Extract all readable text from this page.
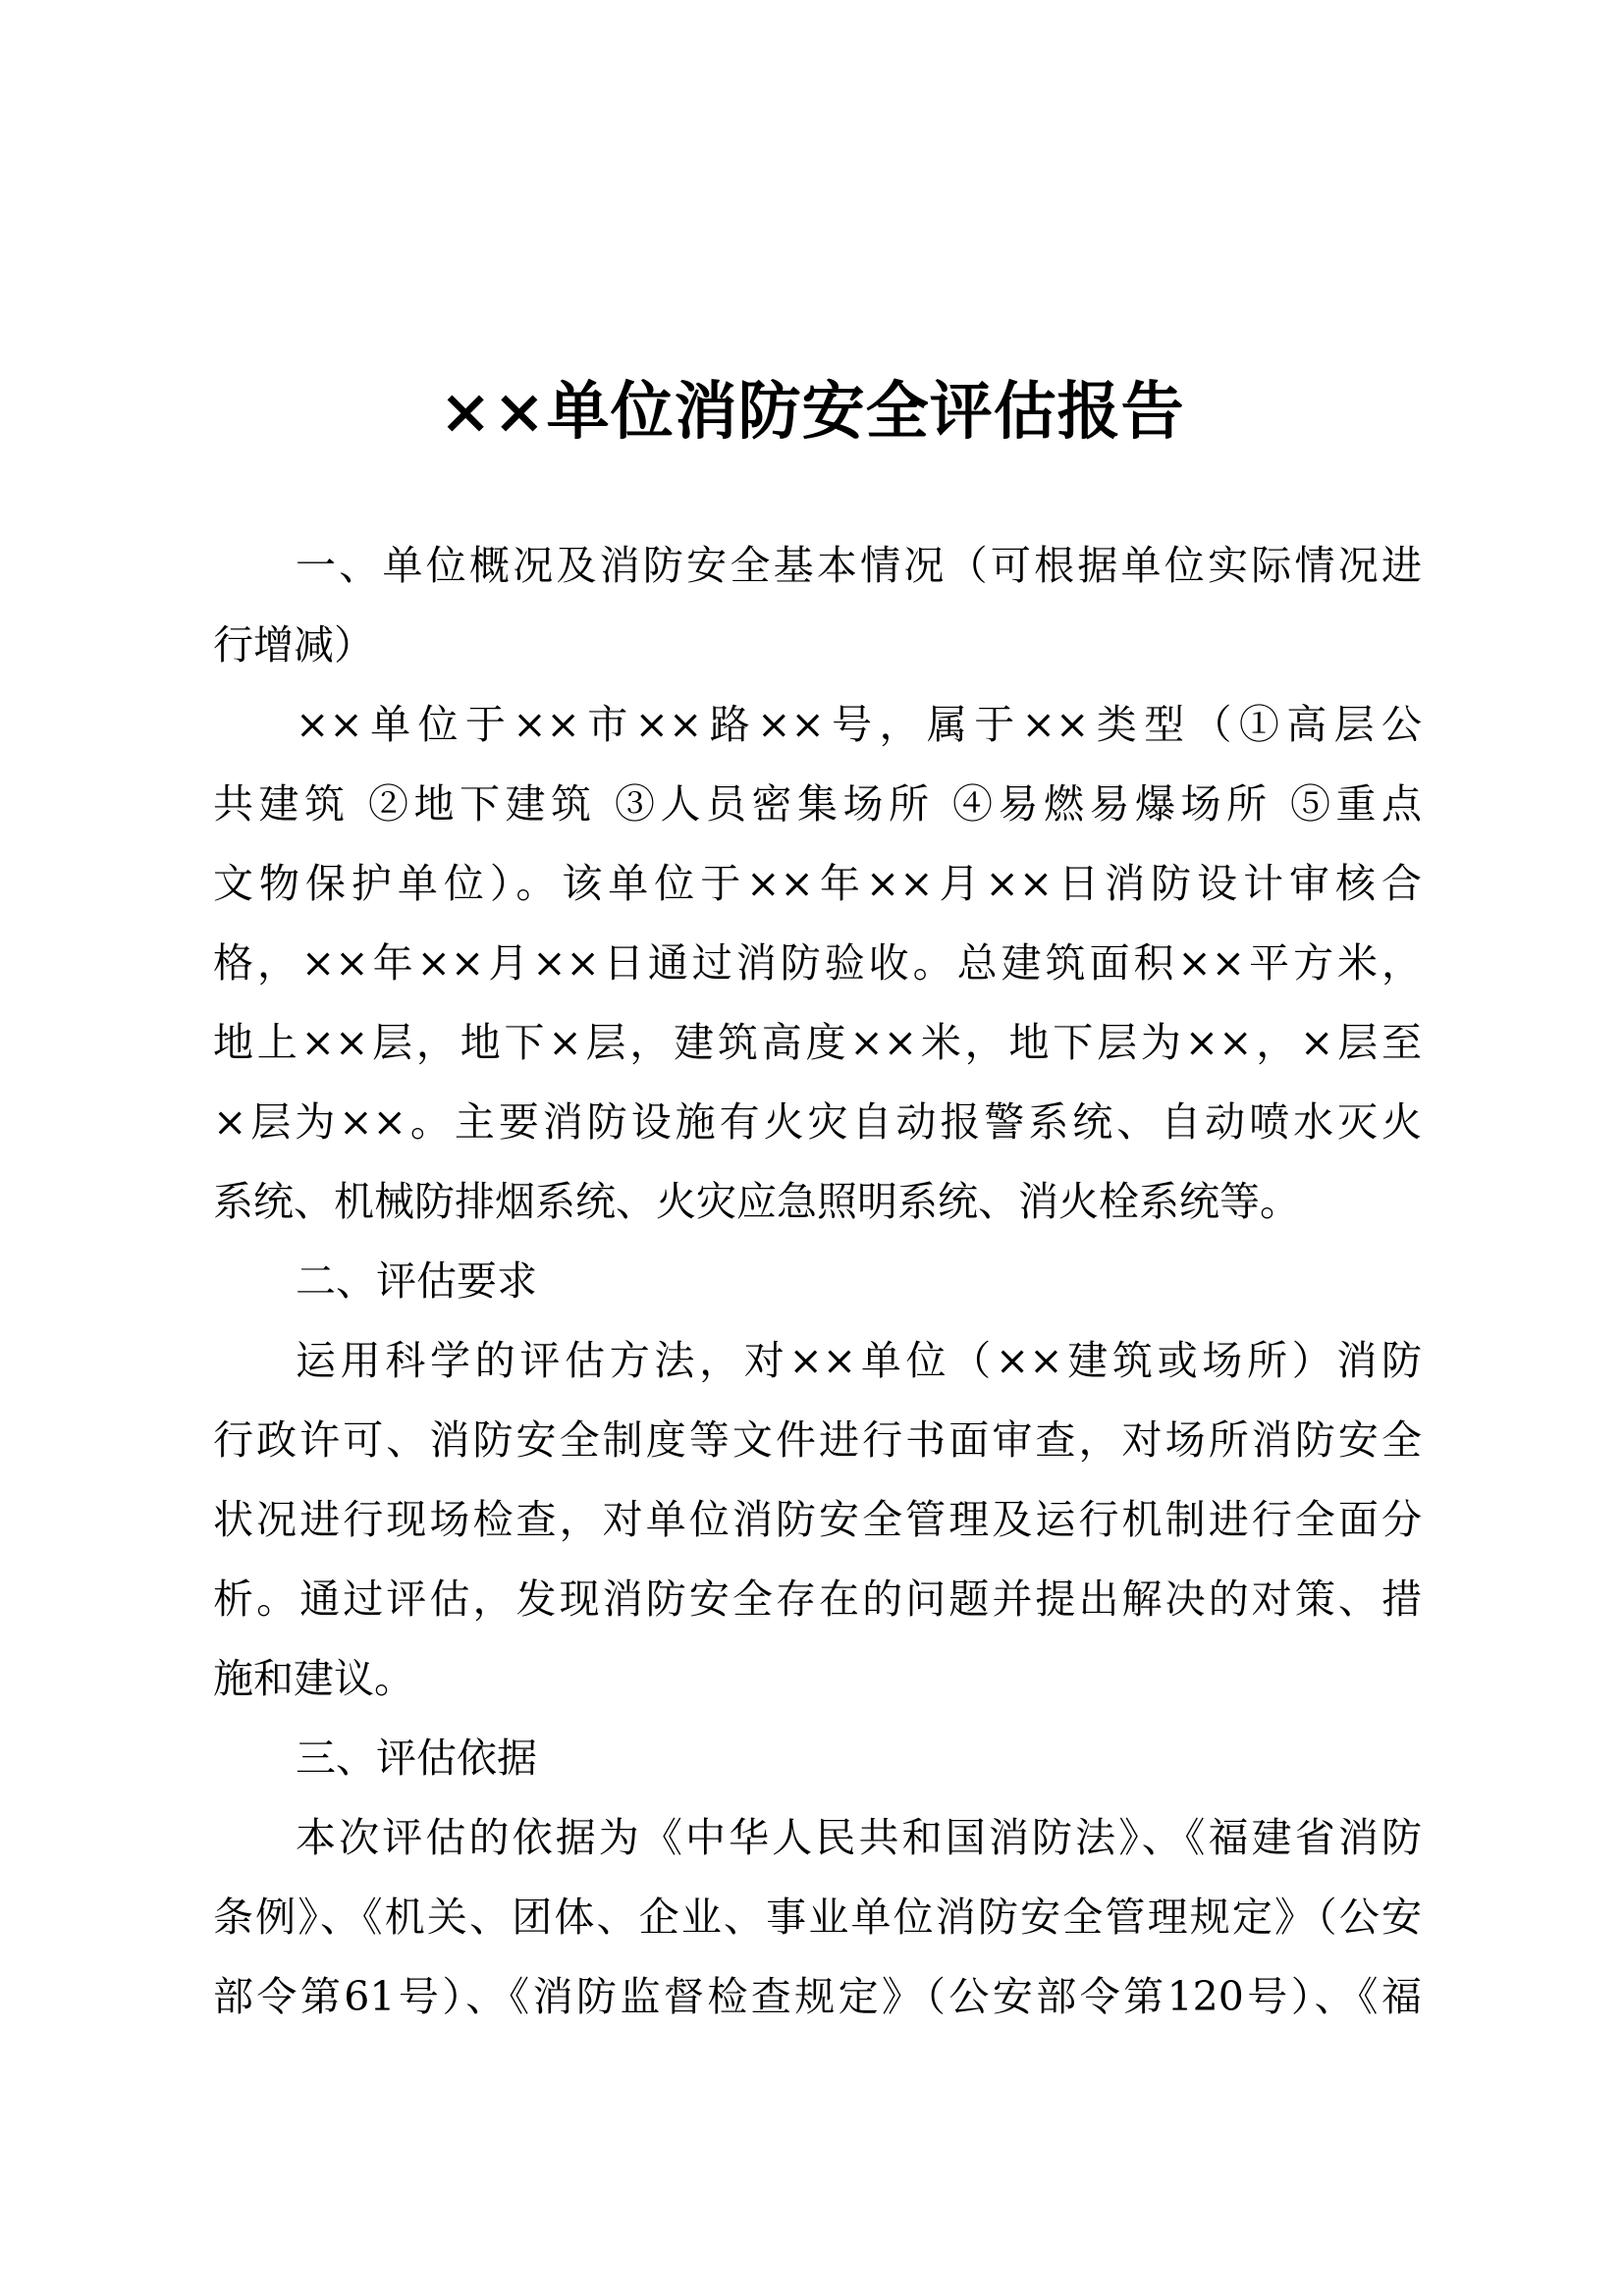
××单位消防安全评估报告
一、单位概况及消防安全基本情况（可根据单位实际情况进
行增减）
××单位于××市××路××号，属于××类型（①高层公
共建筑 ②地下建筑 ③人员密集场所 ④易燃易爆场所 ⑤重点
文物保护单位）。该单位于××年××月××日消防设计审核合
格，××年××月××日通过消防验收。总建筑面积××平方米，
地上××层，地下×层，建筑高度××米，地下层为××，×层至
×层为××。主要消防设施有火灾自动报警系统、自动喷水灭火
系统、机械防排烟系统、火灾应急照明系统、消火栓系统等。
二、评估要求
运用科学的评估方法，对××单位（××建筑或场所）消防
行政许可、消防安全制度等文件进行书面审查，对场所消防安全
状况进行现场检查，对单位消防安全管理及运行机制进行全面分
析。通过评估，发现消防安全存在的问题并提出解决的对策、措
施和建议。
三、评估依据
本次评估的依据为《中华人民共和国消防法》、《福建省消防
条例》、《机关、团体、企业、事业单位消防安全管理规定》（公安
部令第61号）、《消防监督检查规定》（公安部令第120号）、《福
